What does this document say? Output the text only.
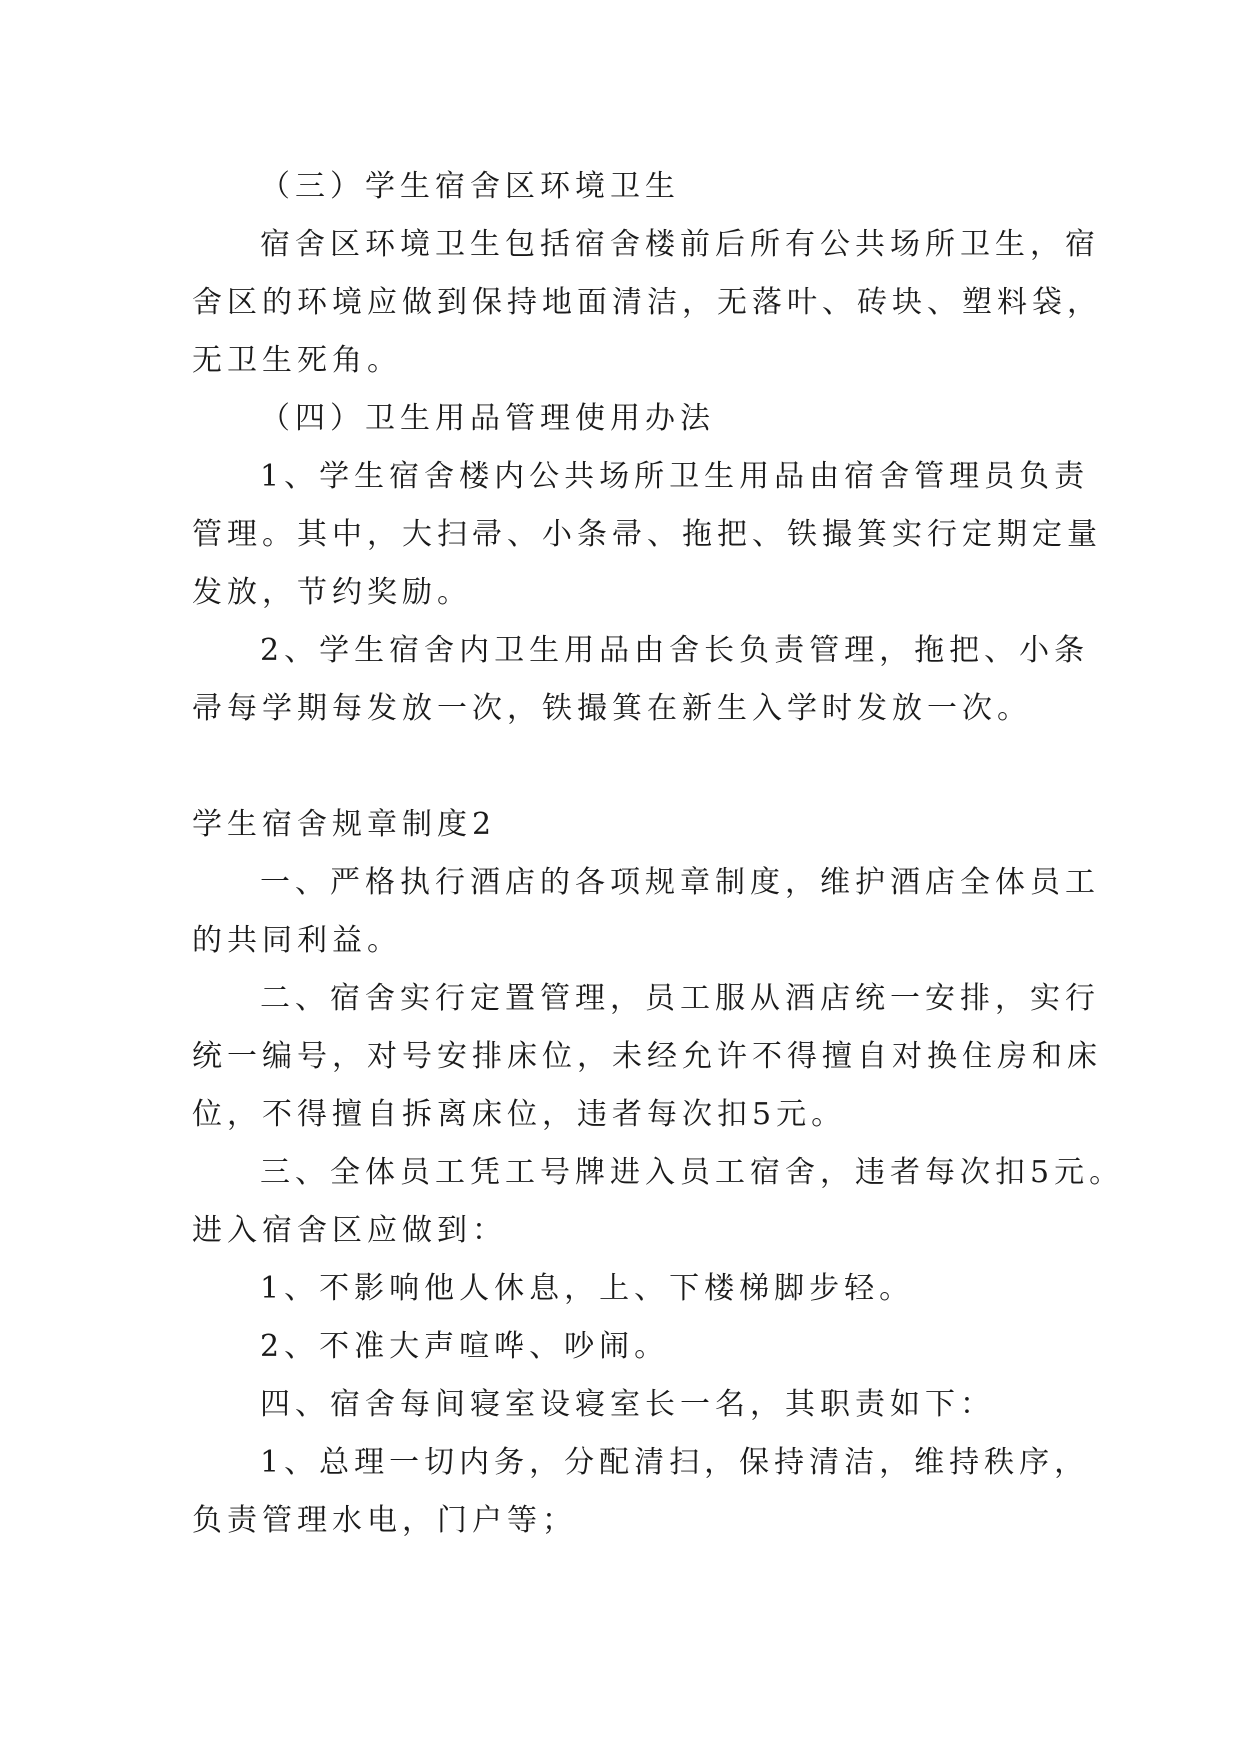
（三）学生宿舍区环境卫生
宿舍区环境卫生包括宿舍楼前后所有公共场所卫生，宿
舍区的环境应做到保持地面清洁，无落叶、砖块、塑料袋，
无卫生死角。
（四）卫生用品管理使用办法
1、学生宿舍楼内公共场所卫生用品由宿舍管理员负责
管理。其中，大扫帚、小条帚、拖把、铁撮箕实行定期定量
发放，节约奖励。
2、学生宿舍内卫生用品由舍长负责管理，拖把、小条
帚每学期每发放一次，铁撮箕在新生入学时发放一次。
学生宿舍规章制度2
一、严格执行酒店的各项规章制度，维护酒店全体员工
的共同利益。
二、宿舍实行定置管理，员工服从酒店统一安排，实行
统一编号，对号安排床位，未经允许不得擅自对换住房和床
位，不得擅自拆离床位，违者每次扣5元。
三、全体员工凭工号牌进入员工宿舍，违者每次扣5元。
进入宿舍区应做到：
1、不影响他人休息，上、下楼梯脚步轻。
2、不准大声喧哗、吵闹。
四、宿舍每间寝室设寝室长一名，其职责如下：
1、总理一切内务，分配清扫，保持清洁，维持秩序，
负责管理水电，门户等；
